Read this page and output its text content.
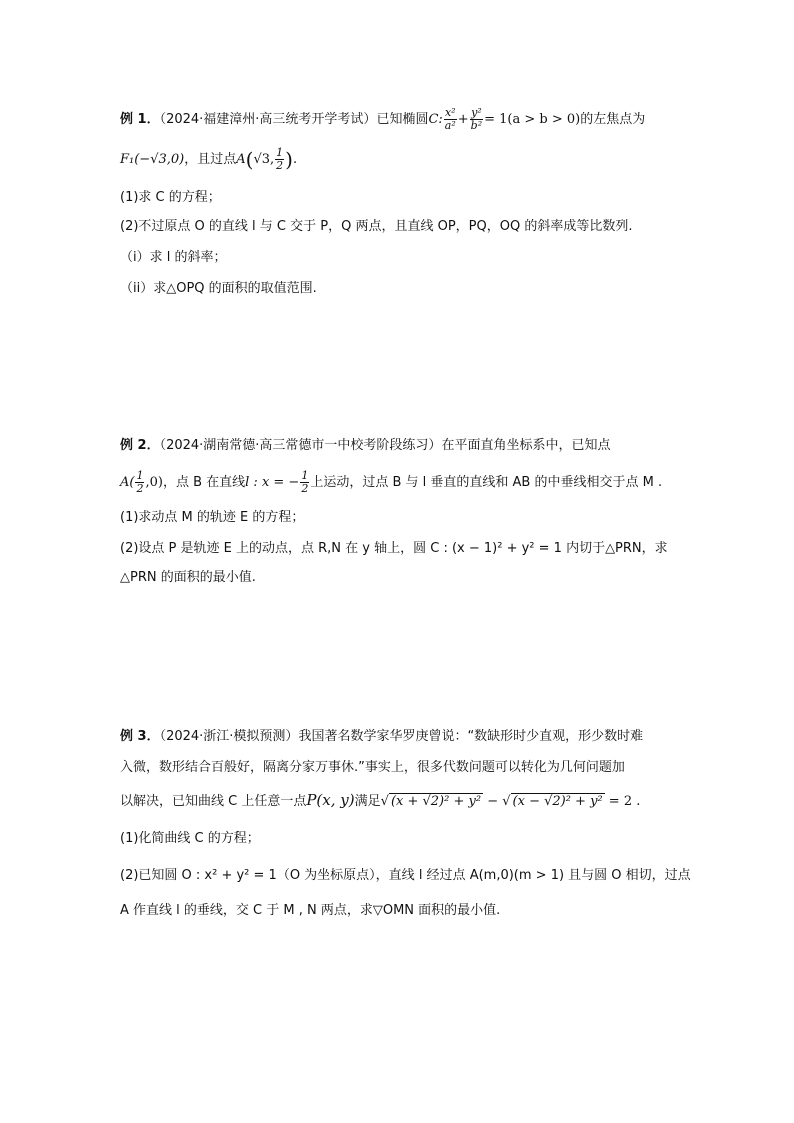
例 1．（2024·福建漳州·高三统考开学考试）已知椭圆C: $\frac{\text{x²}}{\text{a²}} + \frac{\text{y²}}{\text{b²}} = 1(a > b > 0)$的左焦点为
F₁(−√3,0)，且过点A(√3, $\frac{1}{2}$ ).
(1)求 C 的方程；
(2)不过原点 O 的直线 l 与 C 交于 P，Q 两点，且直线 OP，PQ，OQ 的斜率成等比数列.
（i）求 l 的斜率；
（ii）求△OPQ 的面积的取值范围.
例 2．（2024·湖南常德·高三常德市一中校考阶段练习）在平面直角坐标系中，已知点
$A( \frac{1}{2} ,0)$，点 B 在直线l : x = − $\frac{1}{2}$ 上运动，过点 B 与 l 垂直的直线和 AB 的中垂线相交于点 M .
(1)求动点 M 的轨迹 E 的方程；
(2)设点 P 是轨迹 E 上的动点，点 R,N 在 y 轴上，圆 C : (x − 1)² + y² = 1 内切于△PRN，求
△PRN 的面积的最小值.
例 3．（2024·浙江·模拟预测）我国著名数学家华罗庚曾说：“数缺形时少直观，形少数时难
入微，数形结合百般好，隔离分家万事休.”事实上，很多代数问题可以转化为几何问题加
以解决，已知曲线 C 上任意一点P(x, y)满足√ (x + √2)² + y² − √ (x − √2)² + y² = 2 .
(1)化简曲线 C 的方程；
(2)已知圆 O : x² + y² = 1（O 为坐标原点），直线 l 经过点 A(m,0)(m > 1) 且与圆 O 相切，过点
A 作直线 l 的垂线，交 C 于 M , N 两点，求▽OMN 面积的最小值.
